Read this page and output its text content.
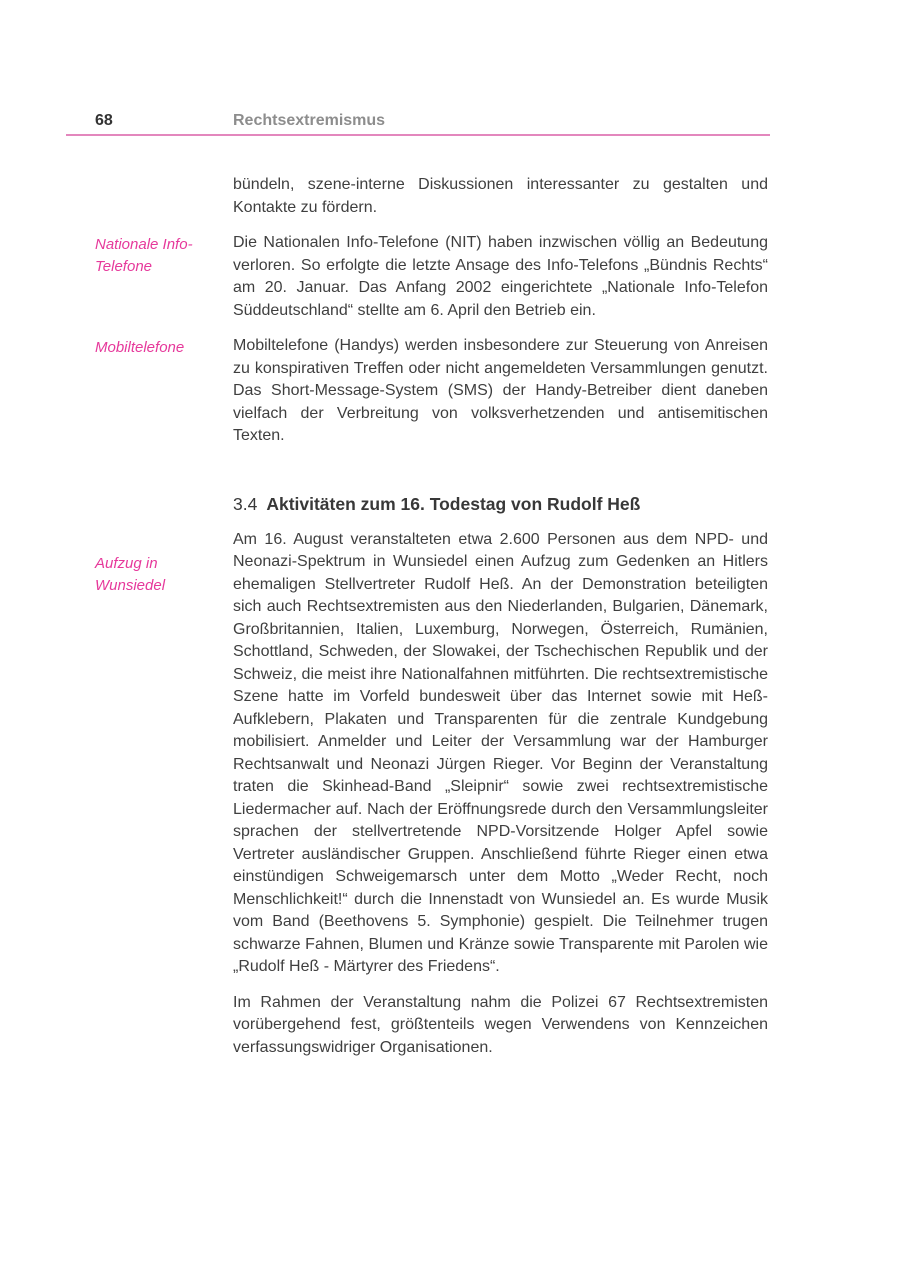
68	Rechtsextremismus

bündeln, szene-interne Diskussionen interessanter zu gestalten und Kontakte zu fördern.

Nationale Info-Telefone

Die Nationalen Info-Telefone (NIT) haben inzwischen völlig an Bedeutung verloren. So erfolgte die letzte Ansage des Info-Telefons „Bündnis Rechts“ am 20. Januar. Das Anfang 2002 eingerichtete „Nationale Info-Telefon Süddeutschland“ stellte am 6. April den Betrieb ein.

Mobiltelefone	Mobiltelefone (Handys) werden insbesondere zur Steuerung von Anreisen zu konspirativen Treffen oder nicht angemeldeten Versammlungen genutzt. Das Short-Message-System (SMS) der Handy-Betreiber dient daneben vielfach der Verbreitung von volksverhetzenden und antisemitischen Texten.

3.4 Aktivitäten zum 16. Todestag von Rudolf Heß
Aufzug in Wunsiedel

Am 16. August veranstalteten etwa 2.600 Personen aus dem NPD- und Neonazi-Spektrum in Wunsiedel einen Aufzug zum Gedenken an Hitlers ehemaligen Stellvertreter Rudolf Heß. An der Demonstration beteiligten sich auch Rechtsextremisten aus den Niederlanden, Bulgarien, Dänemark, Großbritannien, Italien, Luxemburg, Norwegen, Österreich, Rumänien, Schottland, Schweden, der Slowakei, der Tschechischen Republik und der Schweiz, die meist ihre Nationalfahnen mitführten. Die rechtsextremistische Szene hatte im Vorfeld bundesweit über das Internet sowie mit Heß-Aufklebern, Plakaten und Transparenten für die zentrale Kundgebung mobilisiert. Anmelder und Leiter der Versammlung war der Hamburger Rechtsanwalt und Neonazi Jürgen Rieger. Vor Beginn der Veranstaltung traten die Skinhead-Band „Sleipnir“ sowie zwei rechtsextremistische Liedermacher auf. Nach der Eröffnungsrede durch den Versammlungsleiter sprachen der stellvertretende NPD-Vorsitzende Holger Apfel sowie Vertreter ausländischer Gruppen. Anschließend führte Rieger einen etwa einstündigen Schweigemarsch unter dem Motto „Weder Recht, noch Menschlichkeit!“ durch die Innenstadt von Wunsiedel an. Es wurde Musik vom Band (Beethovens 5. Symphonie) gespielt. Die Teilnehmer trugen schwarze Fahnen, Blumen und Kränze sowie Transparente mit Parolen wie „Rudolf Heß - Märtyrer des Friedens“.

Im Rahmen der Veranstaltung nahm die Polizei 67 Rechtsextremisten vorübergehend fest, größtenteils wegen Verwendens von Kennzeichen verfassungswidriger Organisationen.
